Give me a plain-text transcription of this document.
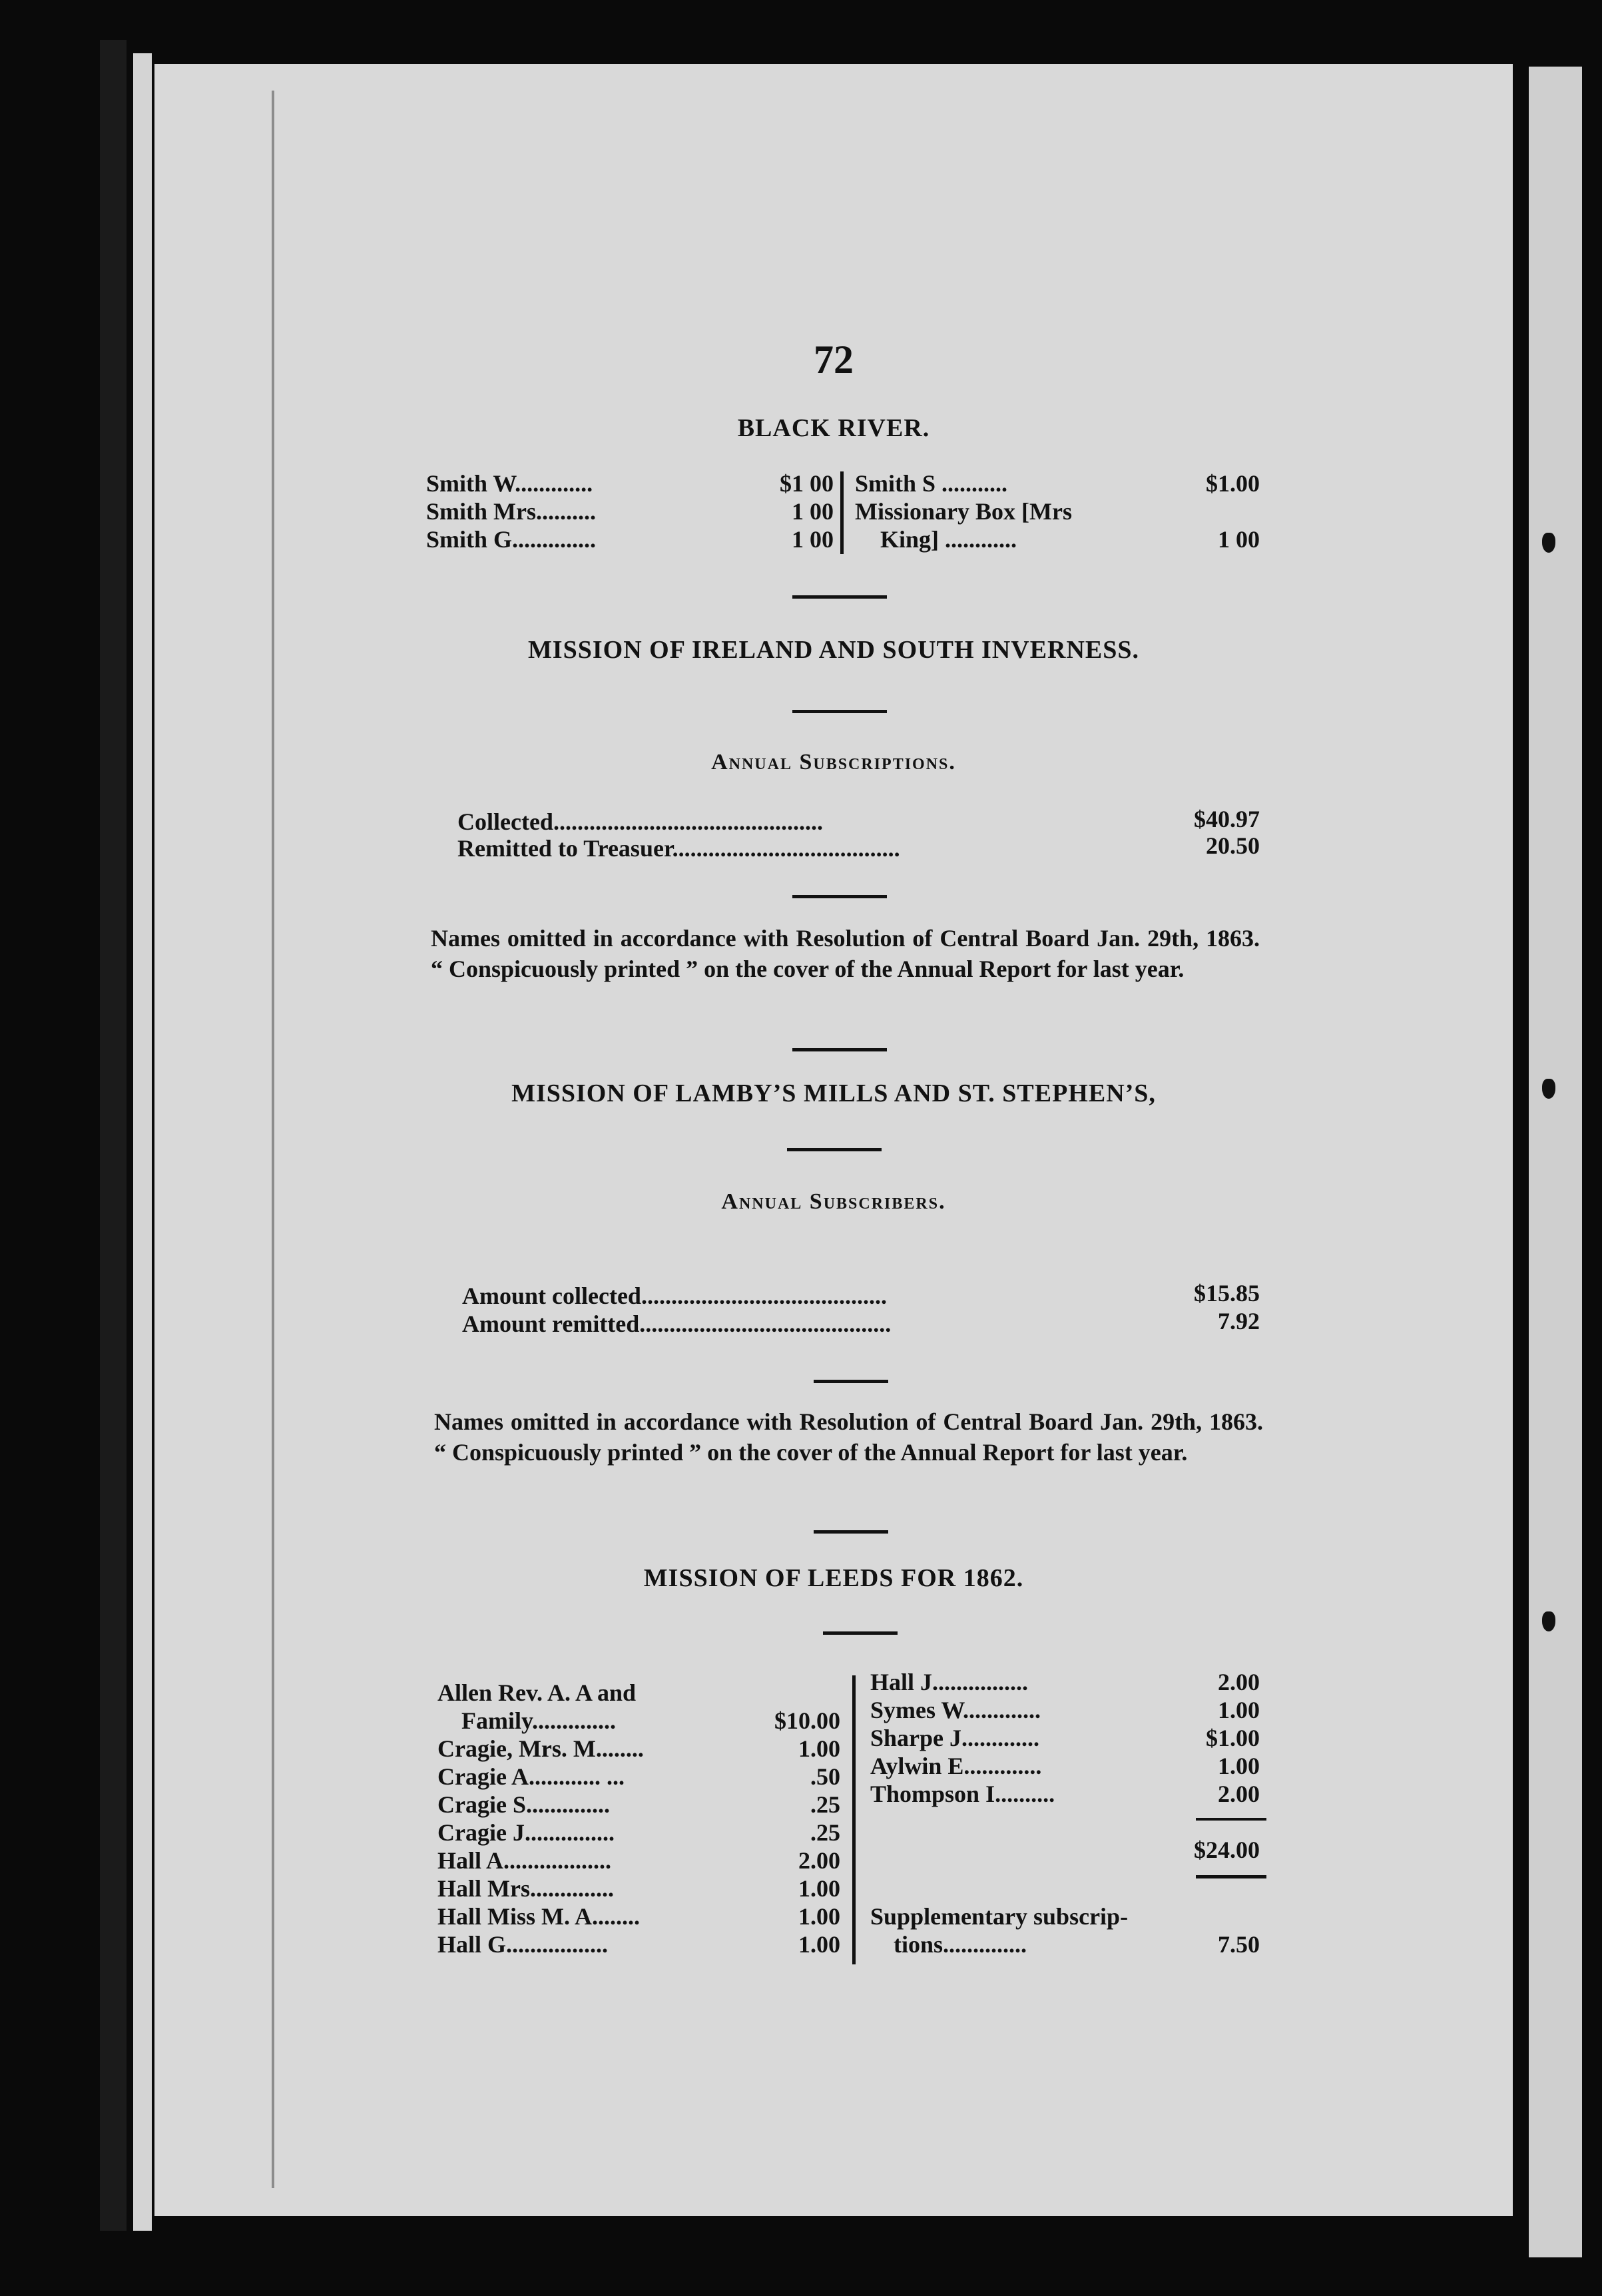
72
BLACK RIVER.
Smith W.............	$1 00
Smith Mrs..........	1 00
Smith G..............	1 00
Smith S ...........	$1.00
Missionary Box [Mrs
King] ............	1 00
MISSION OF IRELAND AND SOUTH INVERNESS.
Annual Subscriptions.
Collected.............................................	$40.97
Remitted to Treasuer......................................	20.50
Names omitted in accordance with Resolution of Central Board Jan. 29th, 1863. “ Conspicuously printed ” on the cover of the Annual Report for last year.
MISSION OF LAMBY’S MILLS AND ST. STEPHEN’S,
Annual Subscribers.
Amount collected.........................................	$15.85
Amount remitted..........................................	7.92
Names omitted in accordance with Resolution of Central Board Jan. 29th, 1863. “ Conspicuously printed ” on the cover of the Annual Report for last year.
MISSION OF LEEDS FOR 1862.
Allen Rev. A. A and
Family..............	$10.00
Cragie, Mrs. M........	1.00
Cragie A............ ...	.50
Cragie S..............	.25
Cragie J...............	.25
Hall A..................	2.00
Hall Mrs..............	1.00
Hall Miss M. A........	1.00
Hall G.................	1.00
Hall J................	2.00
Symes W.............	1.00
Sharpe J.............	$1.00
Aylwin E.............	1.00
Thompson I..........	2.00
$24.00
Supplementary subscrip-
tions..............	7.50
